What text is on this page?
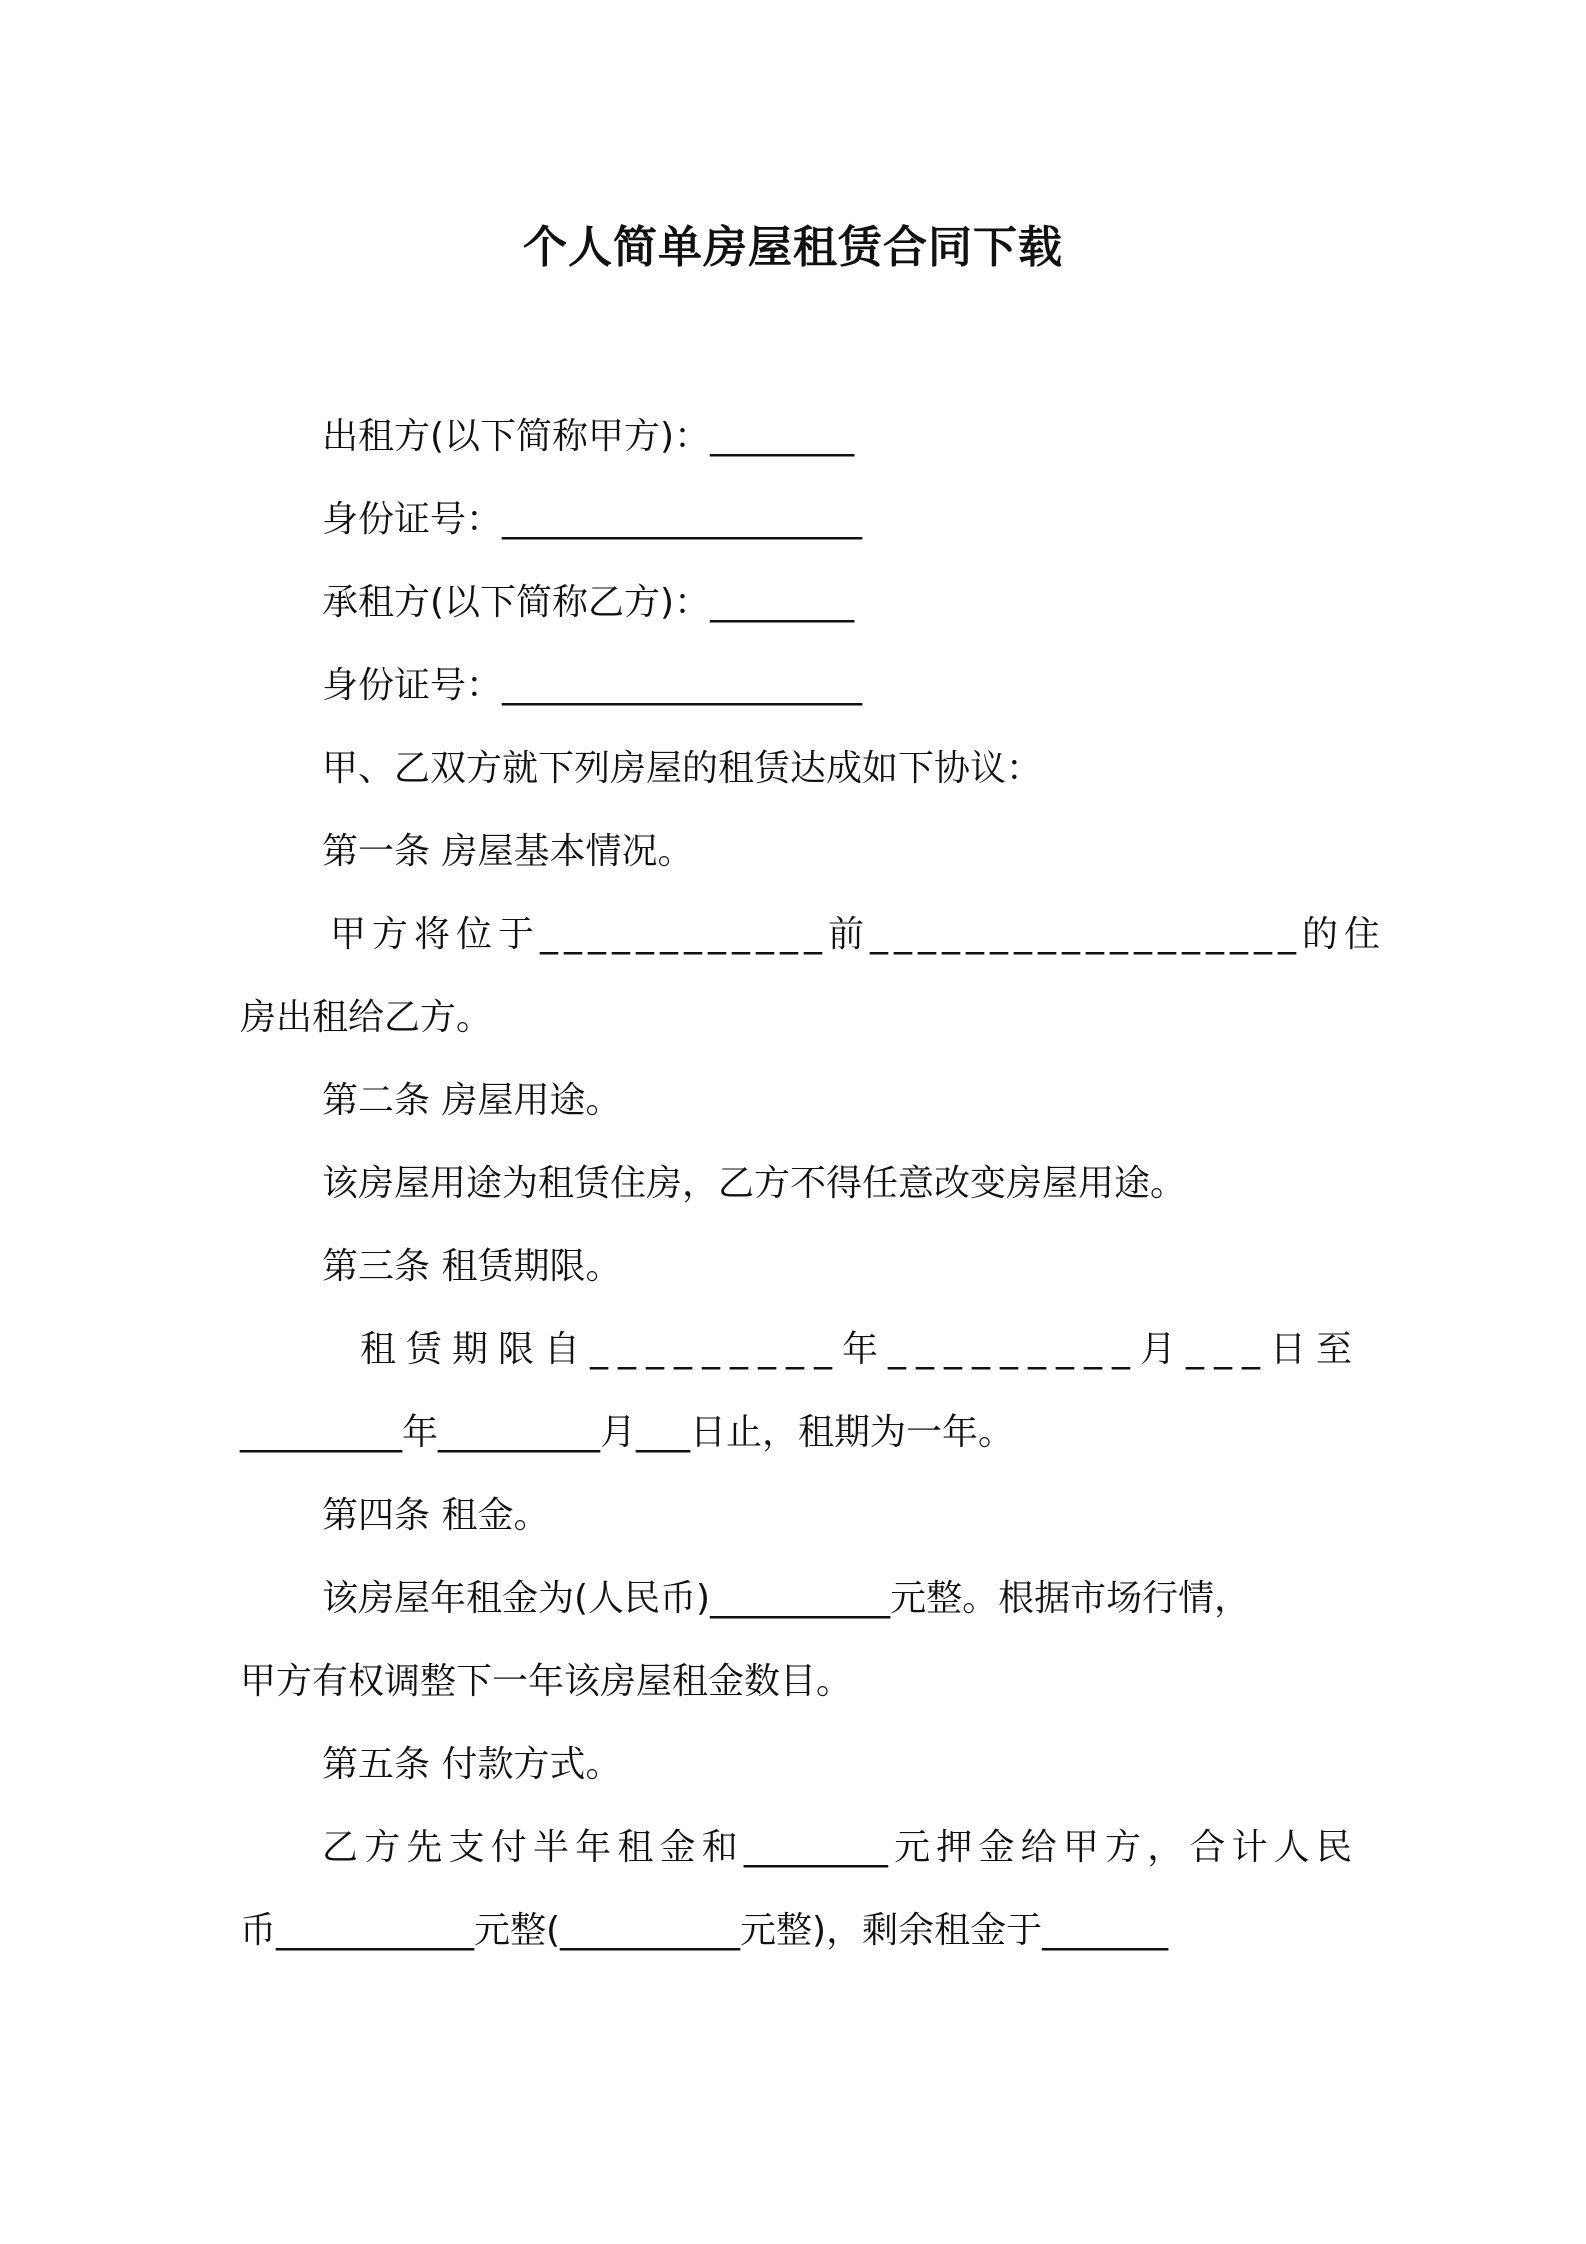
个人简单房屋租赁合同下载
出租方(以下简称甲方)：________
身份证号：____________________
承租方(以下简称乙方)：________
身份证号：____________________
甲、乙双方就下列房屋的租赁达成如下协议：
第一条 房屋基本情况。
甲方将位于____________前__________________的住
房出租给乙方。
第二条 房屋用途。
该房屋用途为租赁住房，乙方不得任意改变房屋用途。
第三条 租赁期限。
租赁期限自_________年_________月___日至
_________年_________月___日止，租期为一年。
第四条 租金。
该房屋年租金为(人民币)__________元整。根据市场行情，
甲方有权调整下一年该房屋租金数目。
第五条 付款方式。
乙方先支付半年租金和________元押金给甲方，合计人民
币___________元整(__________元整)，剩余租金于_______
